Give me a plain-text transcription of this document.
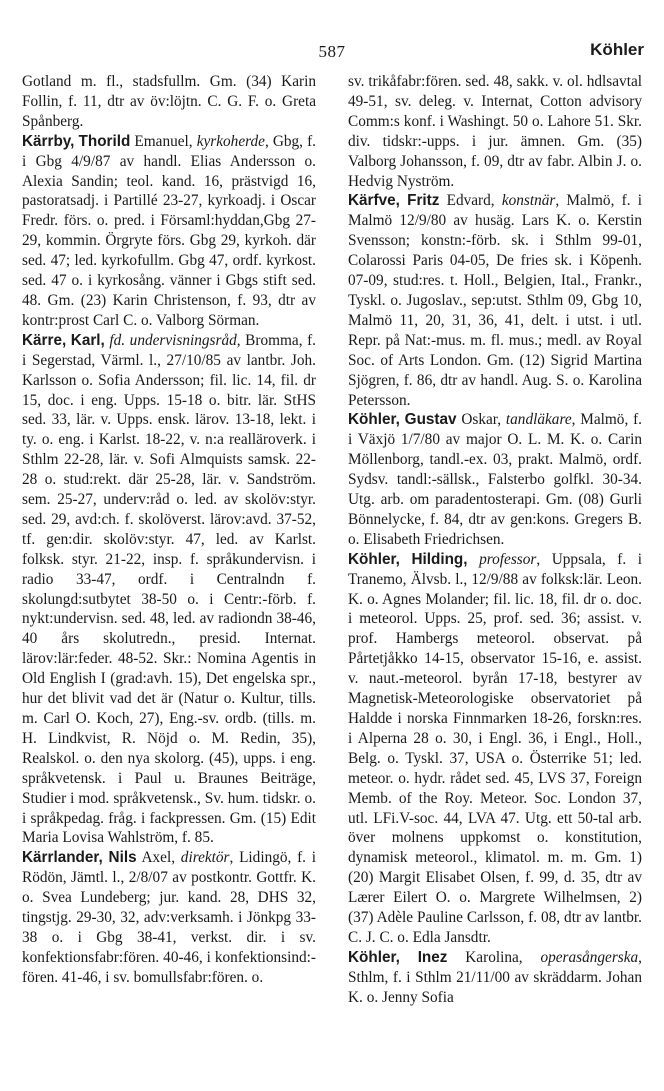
587	Köhler

Gotland m. fl., stadsfullm. Gm. (34) Karin Follin, f. 11, dtr av öv:löjtn. C. G. F. o. Greta Spånberg.

Kärrby, Thorild Emanuel, kyrkoherde, Gbg, f. i Gbg 4/9/87 av handl. Elias Andersson o. Alexia Sandin; teol. kand. 16, prästvigd 16, pastoratsadj. i Partillé 23-27, kyrkoadj. i Oscar Fredr. förs. o. pred. i Församl:hyddan,Gbg 27-29, kommin. Örgryte förs. Gbg 29, kyrkoh. där sed. 47; led. kyrkofullm. Gbg 47, ordf. kyrkost. sed. 47 o. i kyrkosång. vänner i Gbgs stift sed. 48. Gm. (23) Karin Christenson, f. 93, dtr av kontr:prost Carl C. o. Valborg Sörman.

Kärre, Karl, fd. undervisningsråd, Bromma, f. i Segerstad, Värml. l., 27/10/85 av lantbr. Joh. Karlsson o. Sofia Andersson; fil. lic. 14, fil. dr 15, doc. i eng. Upps. 15-18 o. bitr. lär. StHS sed. 33, lär. v. Upps. ensk. lärov. 13-18, lekt. i ty. o. eng. i Karlst. 18-22, v. n:a realläroverk. i Sthlm 22-28, lär. v. Sofi Almquists samsk. 22-28 o. stud:rekt. där 25-28, lär. v. Sandström. sem. 25-27, underv:råd o. led. av skolöv:styr. sed. 29, avd:ch. f. skolöverst. lärov:avd. 37-52, tf. gen:dir. skolöv:styr. 47, led. av Karlst. folksk. styr. 21-22, insp. f. språkundervisn. i radio 33-47, ordf. i Centralndn f. skolungd:sutbytet 38-50 o. i Centr:-förb. f. nykt:undervisn. sed. 48, led. av radiondn 38-46, 40 års skolutredn., presid. Internat. lärov:lär:feder. 48-52. Skr.: Nomina Agentis in Old English I (grad:avh. 15), Det engelska spr., hur det blivit vad det är (Natur o. Kultur, tills. m. Carl O. Koch, 27), Eng.-sv. ordb. (tills. m. H. Lindkvist, R. Nöjd o. M. Redin, 35), Realskol. o. den nya skolorg. (45), upps. i eng. språkvetensk. i Paul u. Braunes Beiträge, Studier i mod. språkvetensk., Sv. hum. tidskr. o. i språkpedag. fråg. i fackpressen. Gm. (15) Edit Maria Lovisa Wahlström, f. 85.

Kärrlander, Nils Axel, direktör, Lidingö, f. i Rödön, Jämtl. l., 2/8/07 av postkontr. Gottfr. K. o. Svea Lundeberg; jur. kand. 28, DHS 32, tingstjg. 29-30, 32, adv:verksamh. i Jönkpg 33-38 o. i Gbg 38-41, verkst. dir. i sv. konfektionsfabr:fören. 40-46, i konfektionsind:-fören. 41-46, i sv. bomullsfabr:fören. o.

sv. trikåfabr:fören. sed. 48, sakk. v. ol. hdlsavtal 49-51, sv. deleg. v. Internat, Cotton advisory Comm:s konf. i Washingt. 50 o. Lahore 51. Skr. div. tidskr:-upps. i jur. ämnen. Gm. (35) Valborg Johansson, f. 09, dtr av fabr. Albin J. o. Hedvig Nyström.

Kärfve, Fritz Edvard, konstnär, Malmö, f. i Malmö 12/9/80 av husäg. Lars K. o. Kerstin Svensson; konstn:-förb. sk. i Sthlm 99-01, Colarossi Paris 04-05, De fries sk. i Köpenh. 07-09, stud:res. t. Holl., Belgien, Ital., Frankr., Tyskl. o. Jugoslav., sep:utst. Sthlm 09, Gbg 10, Malmö 11, 20, 31, 36, 41, delt. i utst. i utl. Repr. på Nat:-mus. m. fl. mus.; medl. av Royal Soc. of Arts London. Gm. (12) Sigrid Martina Sjögren, f. 86, dtr av handl. Aug. S. o. Karolina Petersson.

Köhler, Gustav Oskar, tandläkare, Malmö, f. i Växjö 1/7/80 av major O. L. M. K. o. Carin Möllenborg, tandl.-ex. 03, prakt. Malmö, ordf. Sydsv. tandl:-sällsk., Falsterbo golfkl. 30-34. Utg. arb. om paradentosterapi. Gm. (08) Gurli Bönnelycke, f. 84, dtr av gen:kons. Gregers B. o. Elisabeth Friedrichsen.

Köhler, Hilding, professor, Uppsala, f. i Tranemo, Älvsb. l., 12/9/88 av folksk:lär. Leon. K. o. Agnes Molander; fil. lic. 18, fil. dr o. doc. i meteorol. Upps. 25, prof. sed. 36; assist. v. prof. Hambergs meteorol. observat. på Pårtetjåkko 14-15, observator 15-16, e. assist. v. naut.-meteorol. byrån 17-18, bestyrer av Magnetisk-Meteorologiske observatoriet på Haldde i norska Finnmarken 18-26, forskn:res. i Alperna 28 o. 30, i Engl. 36, i Engl., Holl., Belg. o. Tyskl. 37, USA o. Österrike 51; led. meteor. o. hydr. rådet sed. 45, LVS 37, Foreign Memb. of the Roy. Meteor. Soc. London 37, utl. LFi.V-soc. 44, LVA 47. Utg. ett 50-tal arb. över molnens uppkomst o. konstitution, dynamisk meteorol., klimatol. m. m. Gm. 1) (20) Margit Elisabet Olsen, f. 99, d. 35, dtr av Lærer Eilert O. o. Margrete Wilhelmsen, 2) (37) Adèle Pauline Carlsson, f. 08, dtr av lantbr. C. J. C. o. Edla Jansdtr.

Köhler, Inez Karolina, operasångerska, Sthlm, f. i Sthlm 21/11/00 av skräddarm. Johan K. o. Jenny Sofia
